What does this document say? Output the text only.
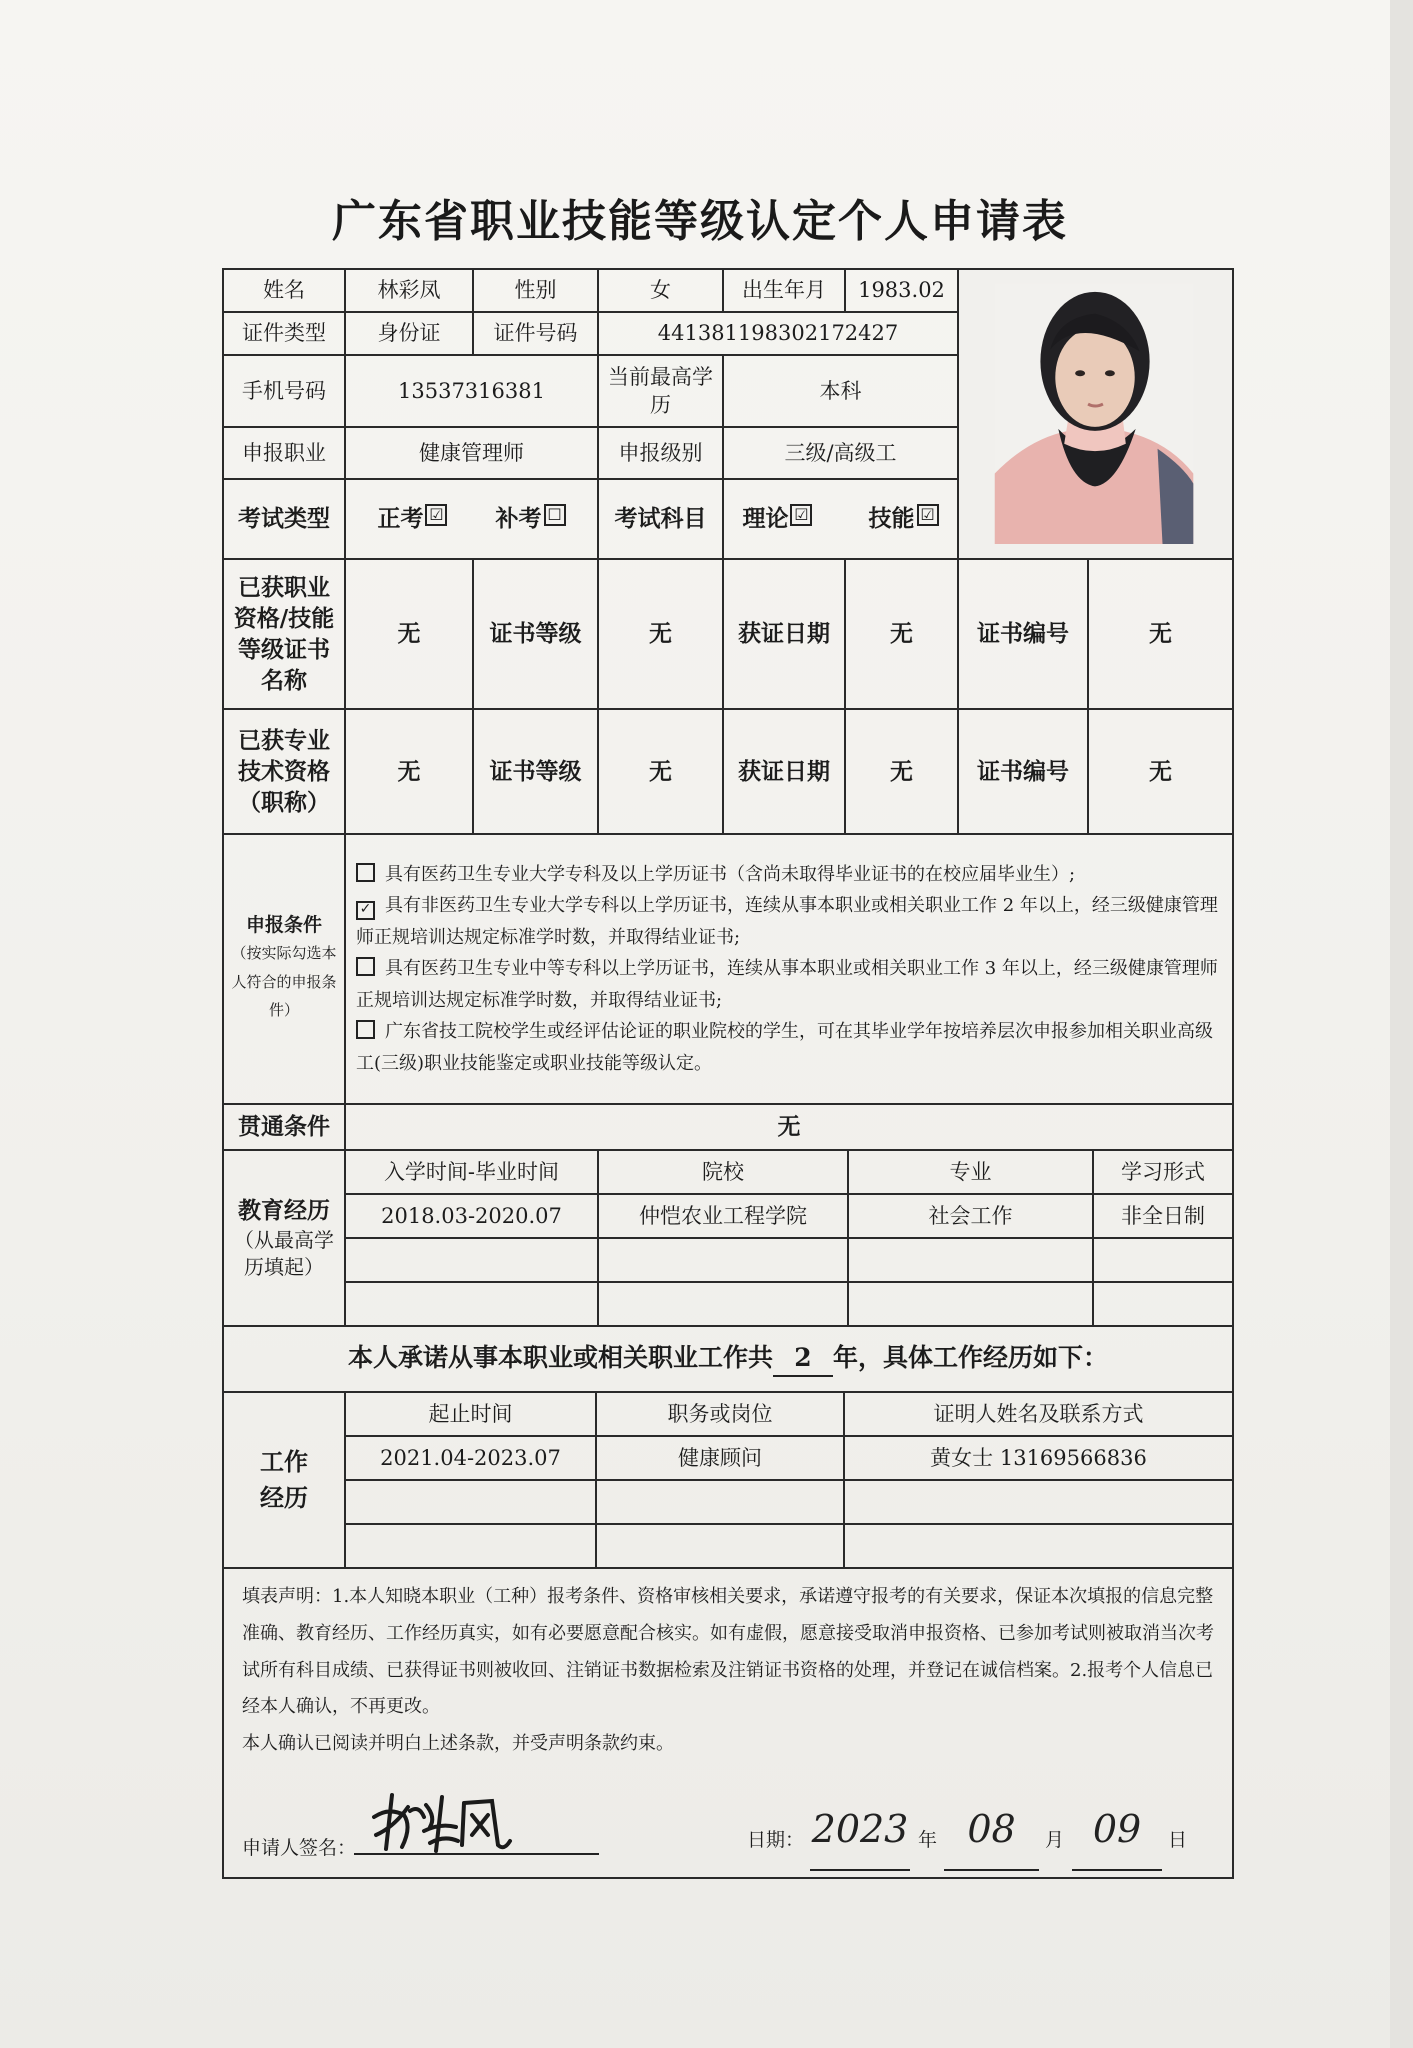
广东省职业技能等级认定个人申请表
姓名	林彩凤	性别	女	出生年月	1983.02	

证件类型	身份证	证件号码	441381198302172427
手机号码	13537316381	当前最高学历	本科
申报职业	健康管理师	申报级别	三级/高级工
考试类型	正考 ☑ 补考 ☐	考试科目	理论 ☑	技能 ☑
已获职业资格/技能等级证书名称	无	证书等级	无	获证日期	无	证书编号	无
已获专业技术资格（职称）	无	证书等级	无	获证日期	无	证书编号	无

申报条件
（按实际勾选本人符合的申报条件）

具有医药卫生专业大学专科及以上学历证书（含尚未取得毕业证书的在校应届毕业生）;

✓ 具有非医药卫生专业大学专科以上学历证书，连续从事本职业或相关职业工作 2 年以上，经三级健康管理师正规培训达规定标准学时数，并取得结业证书;

具有医药卫生专业中等专科以上学历证书，连续从事本职业或相关职业工作 3 年以上，经三级健康管理师正规培训达规定标准学时数，并取得结业证书;

广东省技工院校学生或经评估论证的职业院校的学生，可在其毕业学年按培养层次申报参加相关职业高级工(三级)职业技能鉴定或职业技能等级认定。

贯通条件	无

教育经历
（从最高学历填起）

入学时间-毕业时间	院校	专业	学习形式
2018.03-2020.07	仲恺农业工程学院	社会工作	非全日制

本人承诺从事本职业或相关职业工作共 2 年，具体工作经历如下：

工作经历

起止时间	职务或岗位	证明人姓名及联系方式
2021.04-2023.07	健康顾问	黄女士 13169566836

填表声明：1.本人知晓本职业（工种）报考条件、资格审核相关要求，承诺遵守报考的有关要求，保证本次填报的信息完整准确、教育经历、工作经历真实，如有必要愿意配合核实。如有虚假，愿意接受取消申报资格、已参加考试则被取消当次考试所有科目成绩、已获得证书则被收回、注销证书数据检索及注销证书资格的处理，并登记在诚信档案。2.报考个人信息已经本人确认，不再更改。

本人确认已阅读并明白上述条款，并受声明条款约束。

申请人签名：	日期： 2023 年 08	月 09	日
